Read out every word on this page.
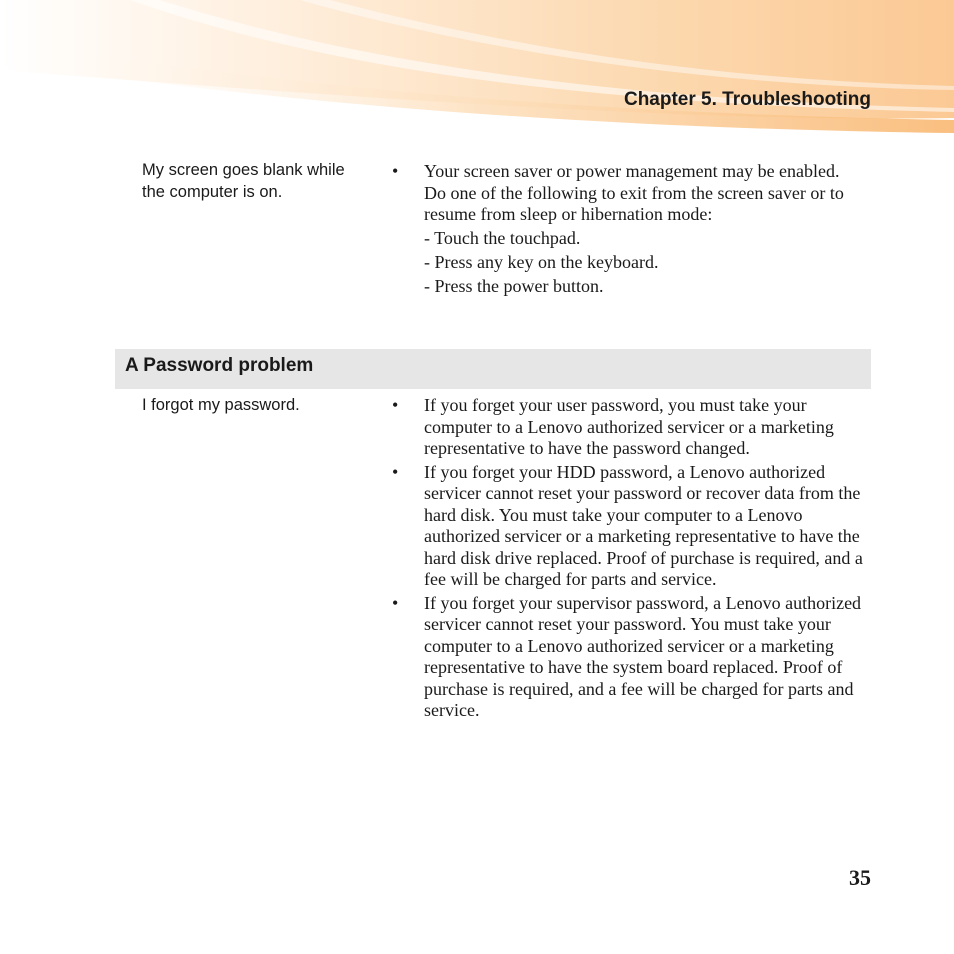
Chapter 5. Troubleshooting
My screen goes blank while
the computer is on.
• Your screen saver or power management may be enabled. Do one of the following to exit from the screen saver or to resume from sleep or hibernation mode:
- Touch the touchpad.
- Press any key on the keyboard.
- Press the power button.
A Password problem
I forgot my password.	• If you forget your user password, you must take your computer to a Lenovo authorized servicer or a marketing representative to have the password changed.
• If you forget your HDD password, a Lenovo authorized servicer cannot reset your password or recover data from the hard disk. You must take your computer to a Lenovo authorized servicer or a marketing representative to have the hard disk drive replaced. Proof of purchase is required, and a fee will be charged for parts and service.
• If you forget your supervisor password, a Lenovo authorized servicer cannot reset your password. You must take your computer to a Lenovo authorized servicer or a marketing representative to have the system board replaced. Proof of purchase is required, and a fee will be charged for parts and service.
35
